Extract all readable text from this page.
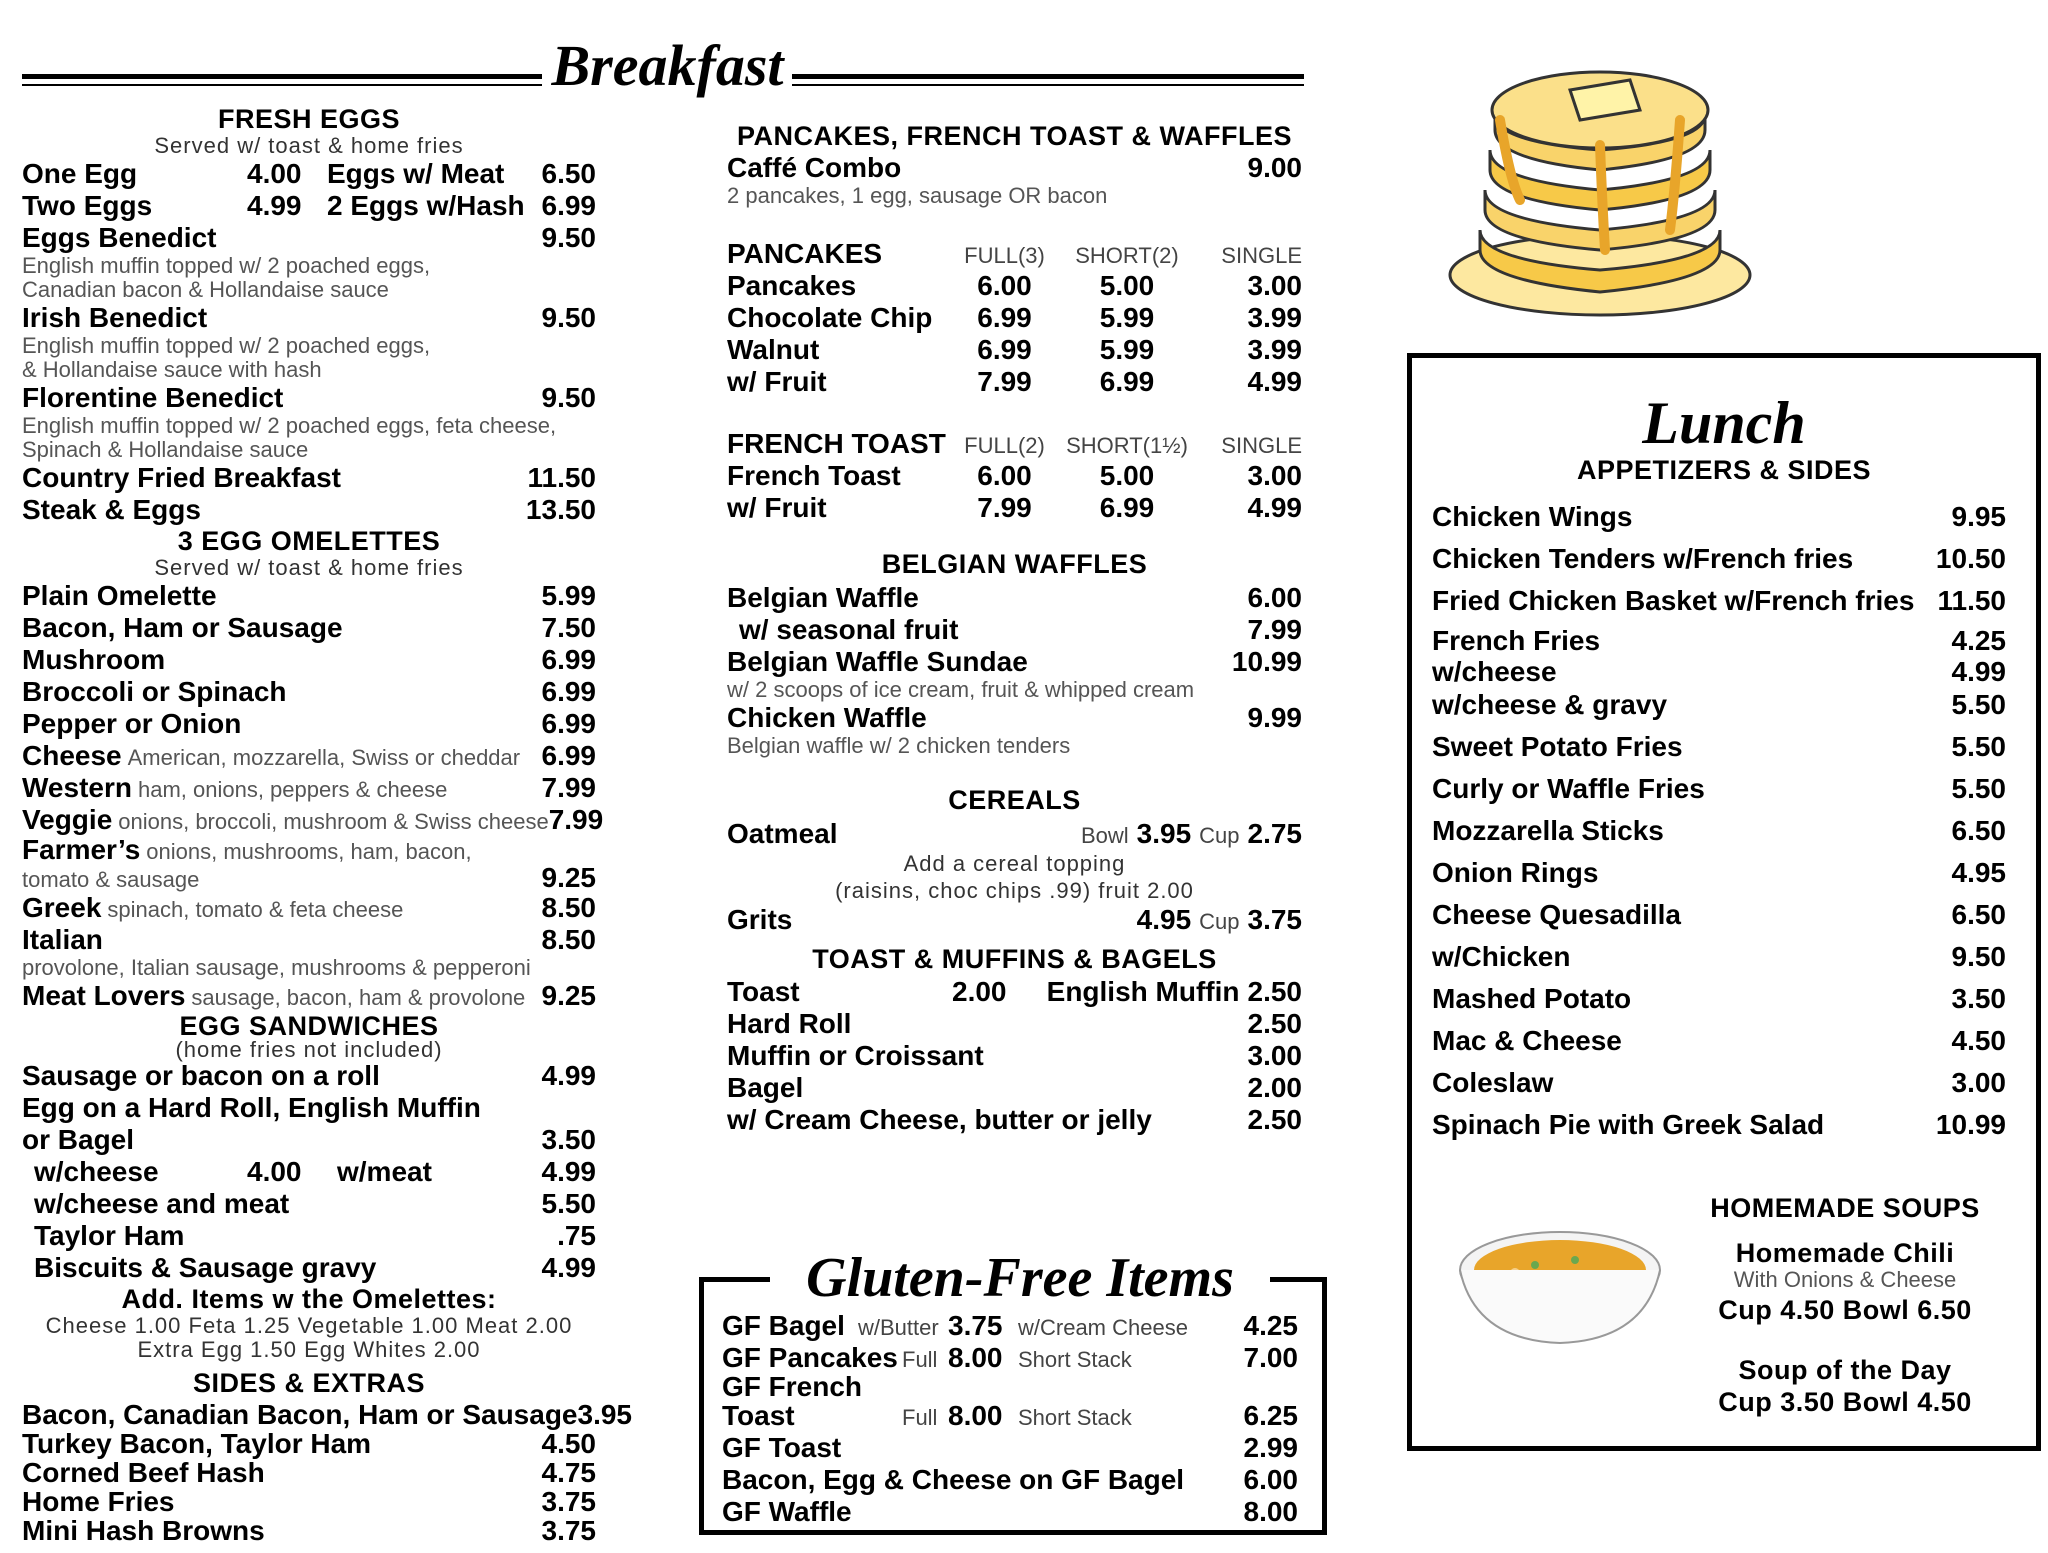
Breakfast
FRESH EGGS
Served w/ toast & home fries
One Egg	4.00 Eggs w/ Meat	6.50
Two Eggs	4.99 2 Eggs w/Hash 6.99
Eggs Benedict	9.50
English muffin topped w/ 2 poached eggs,
Canadian bacon & Hollandaise sauce
Irish Benedict	9.50
English muffin topped w/ 2 poached eggs,
& Hollandaise sauce with hash
Florentine Benedict	9.50
English muffin topped w/ 2 poached eggs, feta cheese,
Spinach & Hollandaise sauce
Country Fried Breakfast	11.50
Steak & Eggs	13.50
3 EGG OMELETTES
Served w/ toast & home fries
Plain Omelette	5.99
Bacon, Ham or Sausage	7.50
Mushroom	6.99
Broccoli or Spinach	6.99
Pepper or Onion	6.99
Cheese American, mozzarella, Swiss or cheddar 6.99
Western ham, onions, peppers & cheese	7.99
Veggie onions, broccoli, mushroom & Swiss cheese 7.99
Farmer’s onions, mushrooms, ham, bacon,
tomato & sausage	9.25
Greek spinach, tomato & feta cheese	8.50
Italian	8.50
provolone, Italian sausage, mushrooms & pepperoni
Meat Lovers sausage, bacon, ham & provolone 9.25
EGG SANDWICHES
(home fries not included)
Sausage or bacon on a roll	4.99
Egg on a Hard Roll, English Muffin
or Bagel	3.50
w/cheese	4.00	w/meat	4.99
w/cheese and meat	5.50
Taylor Ham	.75
Biscuits & Sausage gravy	4.99
Add. Items w the Omelettes:
Cheese 1.00 Feta 1.25 Vegetable 1.00 Meat 2.00
Extra Egg 1.50 Egg Whites 2.00
SIDES & EXTRAS
Bacon, Canadian Bacon, Ham or Sausage 3.95
Turkey Bacon, Taylor Ham	4.50
Corned Beef Hash	4.75
Home Fries	3.75
Mini Hash Browns	3.75
PANCAKES, FRENCH TOAST & WAFFLES
Caffé Combo	9.00
2 pancakes, 1 egg, sausage OR bacon
PANCAKES	FULL(3)	SHORT(2)	SINGLE
Pancakes	6.00	5.00	3.00
Chocolate Chip	6.99	5.99	3.99
Walnut	6.99	5.99	3.99
w/ Fruit	7.99	6.99	4.99
FRENCH TOAST FULL(2) SHORT(1½)	SINGLE
French Toast	6.00	5.00	3.00
w/ Fruit	7.99	6.99	4.99
BELGIAN WAFFLES
Belgian Waffle	6.00
w/ seasonal fruit	7.99
Belgian Waffle Sundae	10.99
w/ 2 scoops of ice cream, fruit & whipped cream
Chicken Waffle	9.99
Belgian waffle w/ 2 chicken tenders
CEREALS
Oatmeal	Bowl 3.95 Cup 2.75
Add a cereal topping
(raisins, choc chips .99) fruit 2.00
Grits	4.95 Cup 3.75
TOAST & MUFFINS & BAGELS
Toast	2.00	English Muffin 2.50
Hard Roll	2.50
Muffin or Croissant	3.00
Bagel	2.00
w/ Cream Cheese, butter or jelly	2.50
Gluten-Free Items
GF Bagel w/Butter 3.75 w/Cream Cheese	4.25
GF Pancakes Full 8.00 Short Stack	7.00
GF French
Toast	Full 8.00 Short Stack	6.25
GF Toast	2.99
Bacon, Egg & Cheese on GF Bagel	6.00
GF Waffle	8.00
Lunch
APPETIZERS & SIDES
Chicken Wings	9.95
Chicken Tenders w/French fries	10.50
Fried Chicken Basket w/French fries 11.50
French Fries	4.25
w/cheese	4.99
w/cheese & gravy	5.50
Sweet Potato Fries	5.50
Curly or Waffle Fries	5.50
Mozzarella Sticks	6.50
Onion Rings	4.95
Cheese Quesadilla	6.50
w/Chicken	9.50
Mashed Potato	3.50
Mac & Cheese	4.50
Coleslaw	3.00
Spinach Pie with Greek Salad	10.99
HOMEMADE SOUPS
Homemade Chili
With Onions & Cheese
Cup 4.50 Bowl 6.50
Soup of the Day
Cup 3.50 Bowl 4.50
